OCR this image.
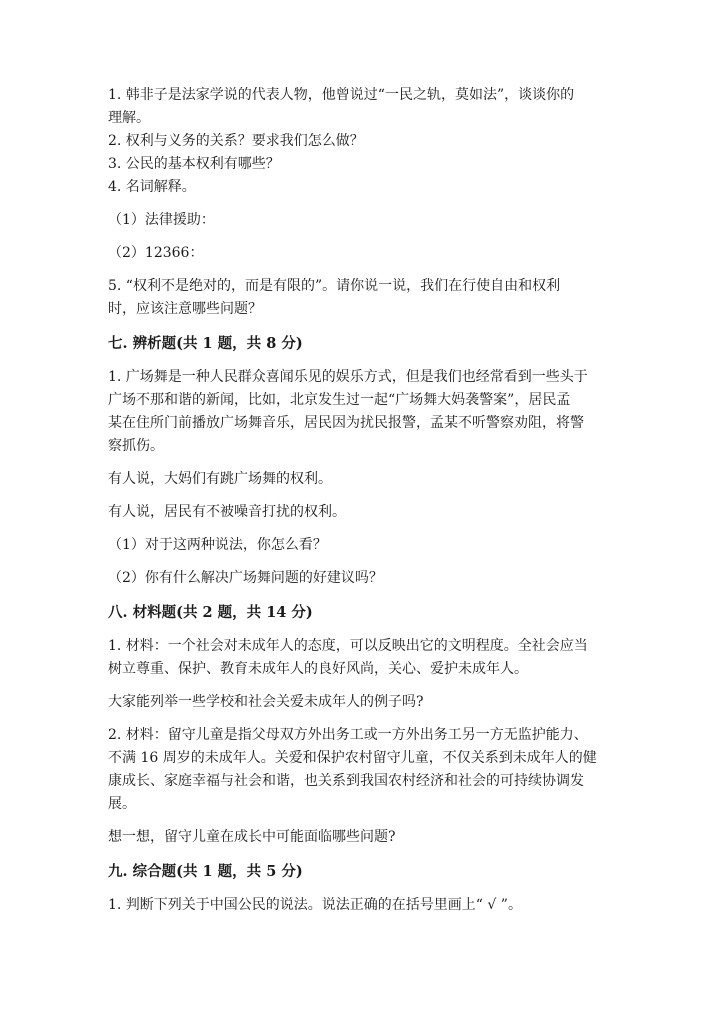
1. 韩非子是法家学说的代表人物，他曾说过“一民之轨，莫如法”，谈谈你的

理解。

2. 权利与义务的关系？要求我们怎么做？

3. 公民的基本权利有哪些？

4. 名词解释。

（1）法律援助：

（2）12366：

5. “权利不是绝对的，而是有限的”。请你说一说，我们在行使自由和权利

时，应该注意哪些问题？

七. 辨析题(共 1 题，共 8 分)

1. 广场舞是一种人民群众喜闻乐见的娱乐方式，但是我们也经常看到一些头于

广场不那和谐的新闻，比如，北京发生过一起“广场舞大妈袭警案”，居民孟

某在住所门前播放广场舞音乐，居民因为扰民报警，孟某不听警察劝阻，将警

察抓伤。

有人说，大妈们有跳广场舞的权利。

有人说，居民有不被噪音打扰的权利。

（1）对于这两种说法，你怎么看？

（2）你有什么解决广场舞问题的好建议吗？

八. 材料题(共 2 题，共 14 分)

1. 材料：一个社会对未成年人的态度，可以反映出它的文明程度。全社会应当

树立尊重、保护、教育未成年人的良好风尚，关心、爱护未成年人。

大家能列举一些学校和社会关爱未成年人的例子吗?

2. 材料：留守儿童是指父母双方外出务工或一方外出务工另一方无监护能力、

不满 16 周岁的未成年人。关爱和保护农村留守儿童，不仅关系到未成年人的健

康成长、家庭幸福与社会和谐，也关系到我国农村经济和社会的可持续协调发

展。

想一想，留守儿童在成长中可能面临哪些问题?

九. 综合题(共 1 题，共 5 分)

1. 判断下列关于中国公民的说法。说法正确的在括号里画上“ √ ”。
